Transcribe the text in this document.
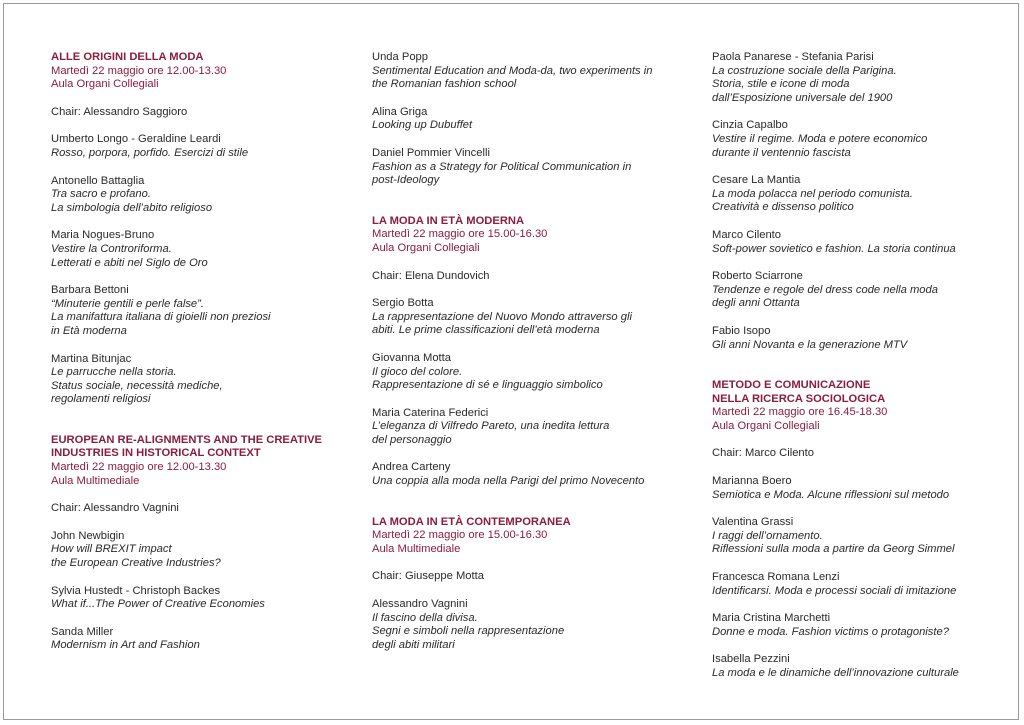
ALLE ORIGINI DELLA MODA
Martedì 22 maggio ore 12.00-13.30
Aula Organi Collegiali
Chair: Alessandro Saggioro
Umberto Longo - Geraldine Leardi
Rosso, porpora, porfido. Esercizi di stile
Antonello Battaglia
Tra sacro e profano.
La simbologia dell’abito religioso
Maria Nogues-Bruno
Vestire la Controriforma.
Letterati e abiti nel Siglo de Oro
Barbara Bettoni
“Minuterie gentili e perle false”.
La manifattura italiana di gioielli non preziosi
in Età moderna
Martina Bitunjac
Le parrucche nella storia.
Status sociale, necessità mediche,
regolamenti religiosi
EUROPEAN RE-ALIGNMENTS AND THE CREATIVE
INDUSTRIES IN HISTORICAL CONTEXT
Martedì 22 maggio ore 12.00-13.30
Aula Multimediale
Chair: Alessandro Vagnini
John Newbigin
How will BREXIT impact
the European Creative Industries?
Sylvia Hustedt - Christoph Backes
What if...The Power of Creative Economies
Sanda Miller
Modernism in Art and Fashion
Unda Popp
Sentimental Education and Moda-da, two experiments in
the Romanian fashion school
Alina Griga
Looking up Dubuffet
Daniel Pommier Vincelli
Fashion as a Strategy for Political Communication in
post-Ideology
LA MODA IN ETÀ MODERNA
Martedì 22 maggio ore 15.00-16.30
Aula Organi Collegiali
Chair: Elena Dundovich
Sergio Botta
La rappresentazione del Nuovo Mondo attraverso gli
abiti. Le prime classificazioni dell’età moderna
Giovanna Motta
Il gioco del colore.
Rappresentazione di sé e linguaggio simbolico
Maria Caterina Federici
L’eleganza di Vilfredo Pareto, una inedita lettura
del personaggio
Andrea Carteny
Una coppia alla moda nella Parigi del primo Novecento
LA MODA IN ETÀ CONTEMPORANEA
Martedì 22 maggio ore 15.00-16.30
Aula Multimediale
Chair: Giuseppe Motta
Alessandro Vagnini
Il fascino della divisa.
Segni e simboli nella rappresentazione
degli abiti militari
Paola Panarese - Stefania Parisi
La costruzione sociale della Parigina.
Storia, stile e icone di moda
dall’Esposizione universale del 1900
Cinzia Capalbo
Vestire il regime. Moda e potere economico
durante il ventennio fascista
Cesare La Mantia
La moda polacca nel periodo comunista.
Creatività e dissenso politico
Marco Cilento
Soft-power sovietico e fashion. La storia continua
Roberto Sciarrone
Tendenze e regole del dress code nella moda
degli anni Ottanta
Fabio Isopo
Gli anni Novanta e la generazione MTV
METODO E COMUNICAZIONE
NELLA RICERCA SOCIOLOGICA
Martedì 22 maggio ore 16.45-18.30
Aula Organi Collegiali
Chair: Marco Cilento
Marianna Boero
Semiotica e Moda. Alcune riflessioni sul metodo
Valentina Grassi
I raggi dell’ornamento.
Riflessioni sulla moda a partire da Georg Simmel
Francesca Romana Lenzi
Identificarsi. Moda e processi sociali di imitazione
Maria Cristina Marchetti
Donne e moda. Fashion victims o protagoniste?
Isabella Pezzini
La moda e le dinamiche dell’innovazione culturale
